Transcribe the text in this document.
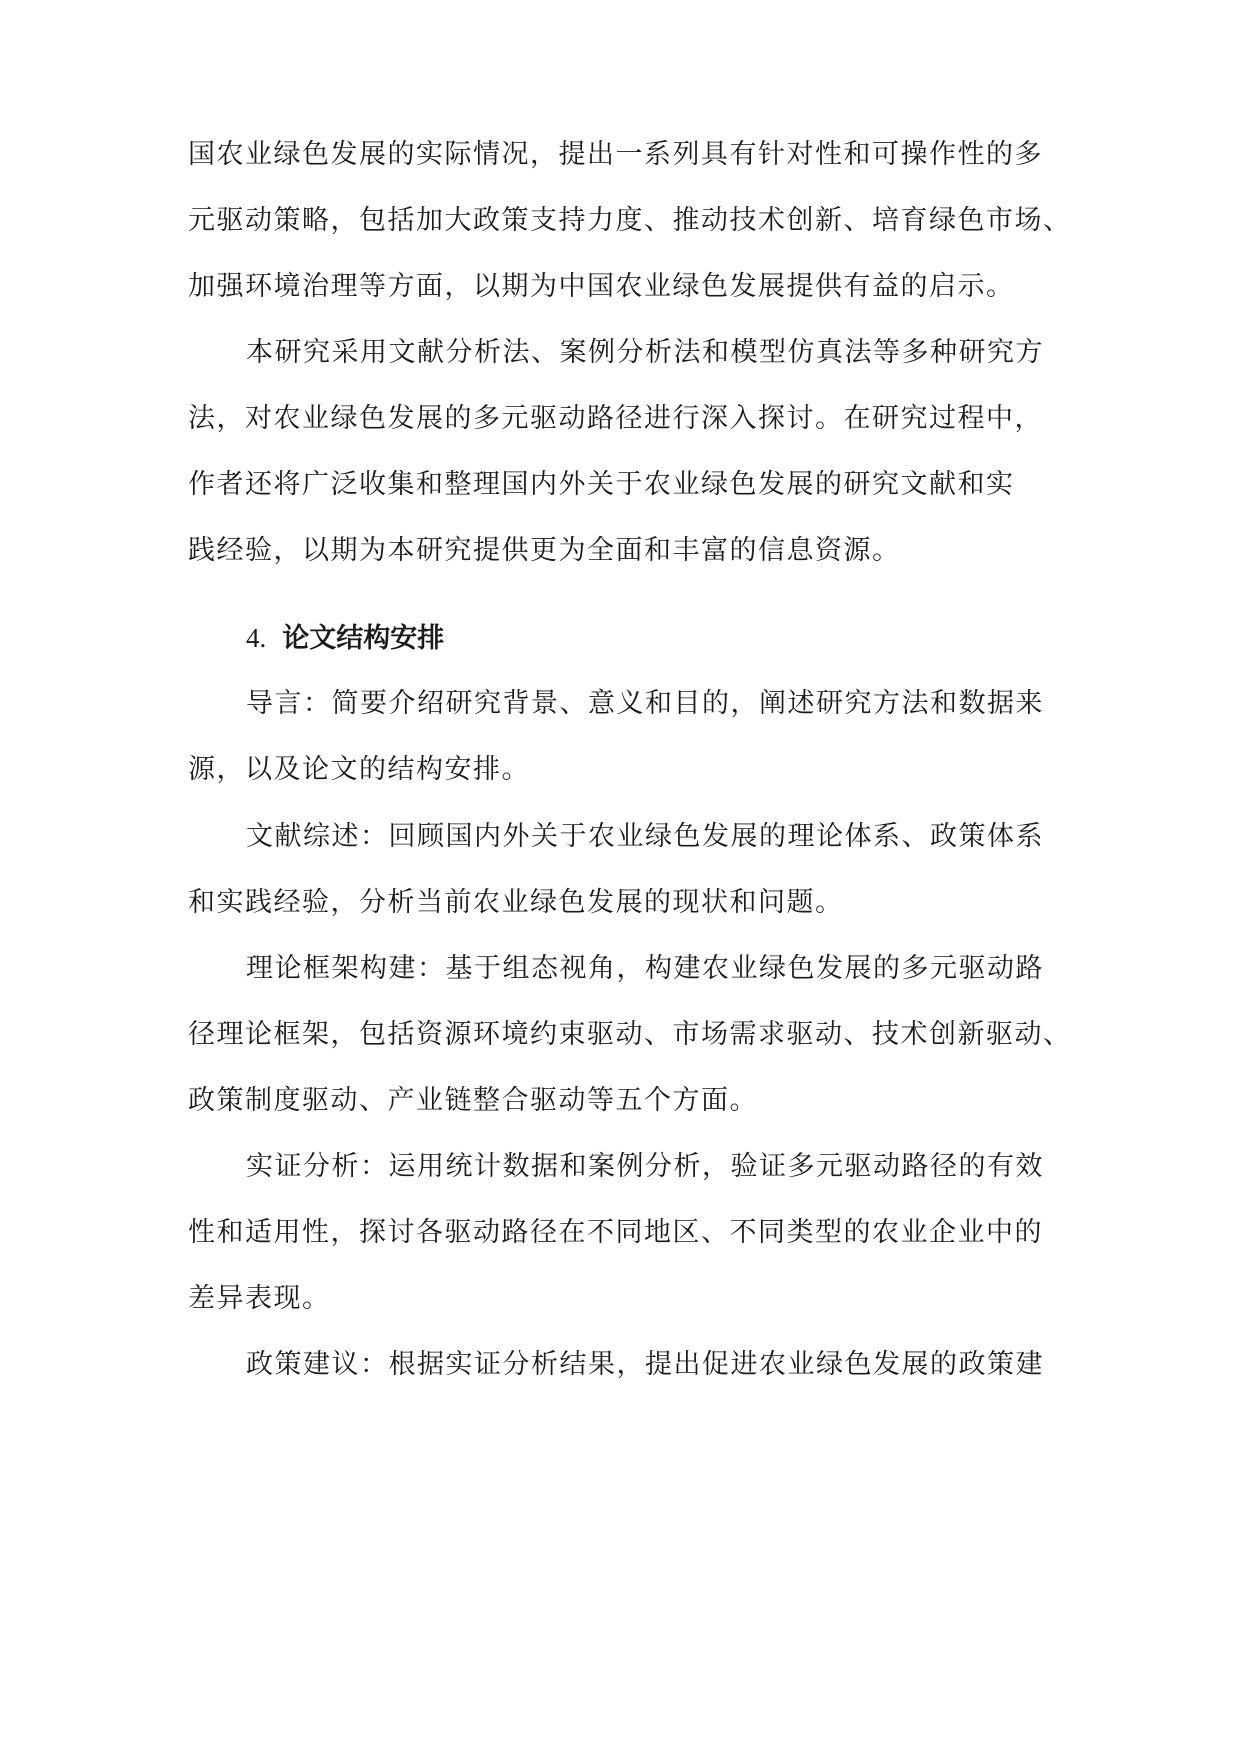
国农业绿色发展的实际情况，提出一系列具有针对性和可操作性的多
元驱动策略，包括加大政策支持力度、推动技术创新、培育绿色市场、
加强环境治理等方面，以期为中国农业绿色发展提供有益的启示。
本研究采用文献分析法、案例分析法和模型仿真法等多种研究方
法，对农业绿色发展的多元驱动路径进行深入探讨。在研究过程中，
作者还将广泛收集和整理国内外关于农业绿色发展的研究文献和实
践经验，以期为本研究提供更为全面和丰富的信息资源。
4. 论文结构安排
导言：简要介绍研究背景、意义和目的，阐述研究方法和数据来
源，以及论文的结构安排。
文献综述：回顾国内外关于农业绿色发展的理论体系、政策体系
和实践经验，分析当前农业绿色发展的现状和问题。
理论框架构建：基于组态视角，构建农业绿色发展的多元驱动路
径理论框架，包括资源环境约束驱动、市场需求驱动、技术创新驱动、
政策制度驱动、产业链整合驱动等五个方面。
实证分析：运用统计数据和案例分析，验证多元驱动路径的有效
性和适用性，探讨各驱动路径在不同地区、不同类型的农业企业中的
差异表现。
政策建议：根据实证分析结果，提出促进农业绿色发展的政策建
